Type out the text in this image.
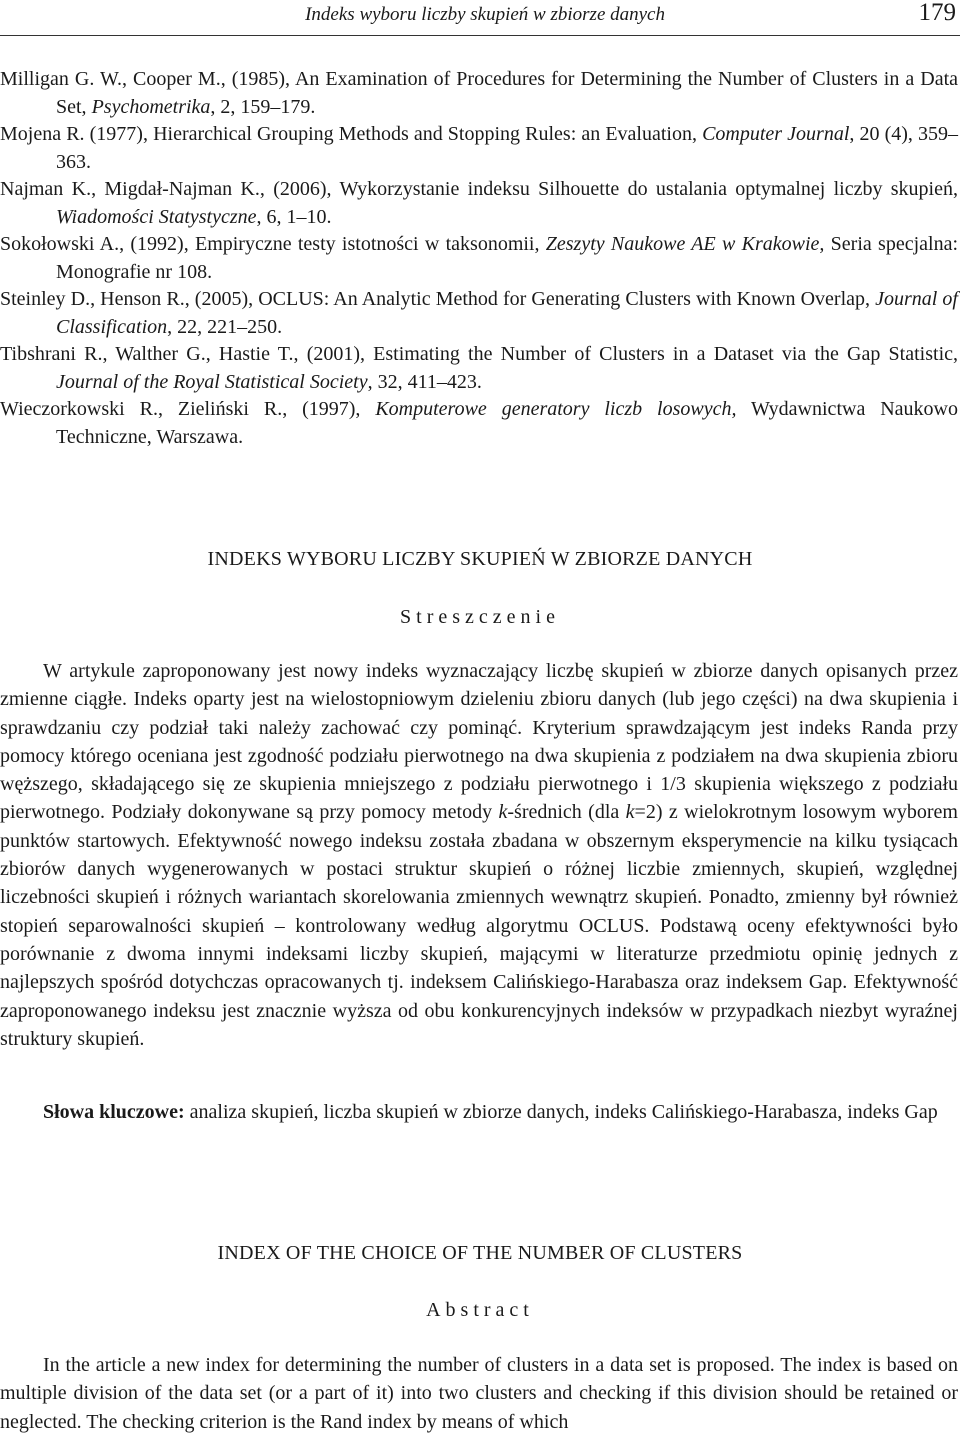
Indeks wyboru liczby skupień w zbiorze danych	179

Milligan G. W., Cooper M., (1985), An Examination of Procedures for Determining the Number of Clusters in a Data Set, Psychometrika, 2, 159–179.

Mojena R. (1977), Hierarchical Grouping Methods and Stopping Rules: an Evaluation, Computer Journal, 20 (4), 359–363.

Najman K., Migdał-Najman K., (2006), Wykorzystanie indeksu Silhouette do ustalania optymalnej liczby skupień, Wiadomości Statystyczne, 6, 1–10.

Sokołowski A., (1992), Empiryczne testy istotności w taksonomii, Zeszyty Naukowe AE w Krakowie, Seria specjalna: Monografie nr 108.

Steinley D., Henson R., (2005), OCLUS: An Analytic Method for Generating Clusters with Known Overlap, Journal of Classification, 22, 221–250.

Tibshrani R., Walther G., Hastie T., (2001), Estimating the Number of Clusters in a Dataset via the Gap Statistic, Journal of the Royal Statistical Society, 32, 411–423.

Wieczorkowski R., Zieliński R., (1997), Komputerowe generatory liczb losowych, Wydawnictwa Naukowo Techniczne, Warszawa.

INDEKS WYBORU LICZBY SKUPIEŃ W ZBIORZE DANYCH
Streszczenie

W artykule zaproponowany jest nowy indeks wyznaczający liczbę skupień w zbiorze danych opisanych przez zmienne ciągłe. Indeks oparty jest na wielostopniowym dzieleniu zbioru danych (lub jego części) na dwa skupienia i sprawdzaniu czy podział taki należy zachować czy pominąć. Kryterium sprawdzającym jest indeks Randa przy pomocy którego oceniana jest zgodność podziału pierwotnego na dwa skupienia z podziałem na dwa skupienia zbioru węższego, składającego się ze skupienia mniejszego z podziału pierwotnego i 1/3 skupienia większego z podziału pierwotnego. Podziały dokonywane są przy pomocy metody k-średnich (dla k=2) z wielokrotnym losowym wyborem punktów startowych. Efektywność nowego indeksu została zbadana w obszernym eksperymencie na kilku tysiącach zbiorów danych wygenerowanych w postaci struktur skupień o różnej liczbie zmiennych, skupień, względnej liczebności skupień i różnych wariantach skorelowania zmiennych wewnątrz skupień. Ponadto, zmienny był również stopień separowalności skupień – kontrolowany według algorytmu OCLUS. Podstawą oceny efektywności było porównanie z dwoma innymi indeksami liczby skupień, mającymi w literaturze przedmiotu opinię jednych z najlepszych spośród dotychczas opracowanych tj. indeksem Calińskiego-Harabasza oraz indeksem Gap. Efektywność zaproponowanego indeksu jest znacznie wyższa od obu konkurencyjnych indeksów w przypadkach niezbyt wyraźnej struktury skupień.

Słowa kluczowe: analiza skupień, liczba skupień w zbiorze danych, indeks Calińskiego-Harabasza, indeks Gap

INDEX OF THE CHOICE OF THE NUMBER OF CLUSTERS
Abstract

In the article a new index for determining the number of clusters in a data set is proposed. The index is based on multiple division of the data set (or a part of it) into two clusters and checking if this division should be retained or neglected. The checking criterion is the Rand index by means of which
